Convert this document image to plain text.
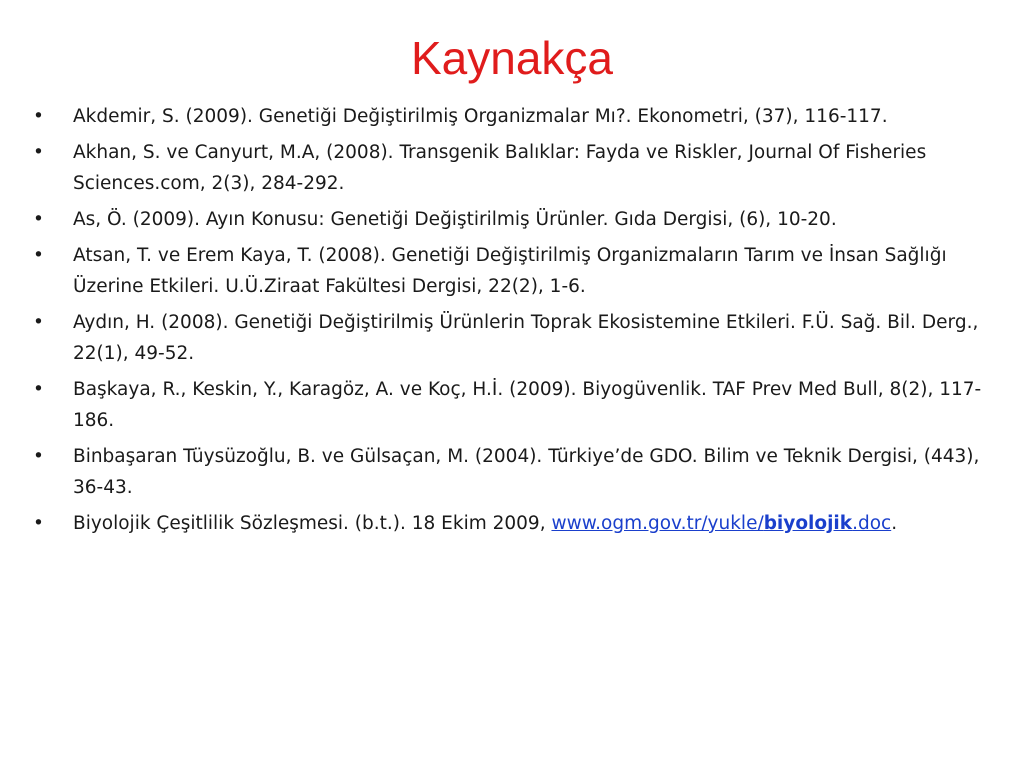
Kaynakça
•	Akdemir, S. (2009). Genetiği Değiştirilmiş Organizmalar Mı?. Ekonometri, (37), 116-117.
•	Akhan, S. ve Canyurt, M.A, (2008). Transgenik Balıklar: Fayda ve Riskler, Journal Of Fisheries Sciences.com, 2(3), 284-292.
•	As, Ö. (2009). Ayın Konusu: Genetiği Değiştirilmiş Ürünler. Gıda Dergisi, (6), 10-20.
•	Atsan, T. ve Erem Kaya, T. (2008). Genetiği Değiştirilmiş Organizmaların Tarım ve İnsan Sağlığı Üzerine Etkileri. U.Ü.Ziraat Fakültesi Dergisi, 22(2), 1-6.
•	Aydın, H. (2008). Genetiği Değiştirilmiş Ürünlerin Toprak Ekosistemine Etkileri. F.Ü. Sağ. Bil. Derg., 22(1), 49-52.
•	Başkaya, R., Keskin, Y., Karagöz, A. ve Koç, H.İ. (2009). Biyogüvenlik. TAF Prev Med Bull, 8(2), 117-186.
•	Binbaşaran Tüysüzoğlu, B. ve Gülsaçan, M. (2004). Türkiye’de GDO. Bilim ve Teknik Dergisi, (443), 36-43.
•	Biyolojik Çeşitlilik Sözleşmesi. (b.t.). 18 Ekim 2009, www.ogm.gov.tr/yukle/biyolojik.doc.
